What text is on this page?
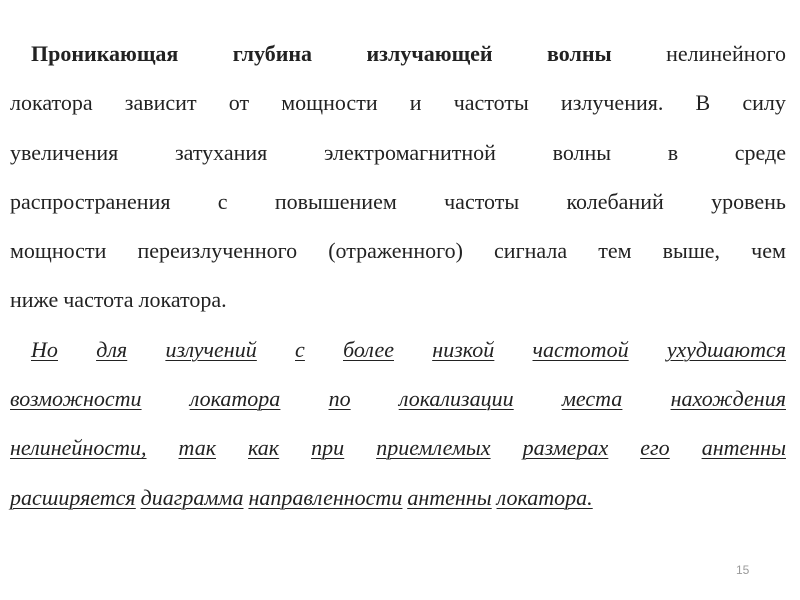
Проникающая глубина излучающей волны нелинейного
локатора зависит от мощности и частоты излучения. В силу
увеличения	затухания	электромагнитной	волны	в	среде
распространения с повышением частоты колебаний уровень
мощности переизлученного (отраженного) сигнала тем выше, чем
ниже частота локатора.
Но для излучений с более низкой частотой ухудшаются
возможности локатора по локализации места нахождения
нелинейности, так как при приемлемых размерах его антенны
расширяется диаграмма направленности антенны локатора.
15
